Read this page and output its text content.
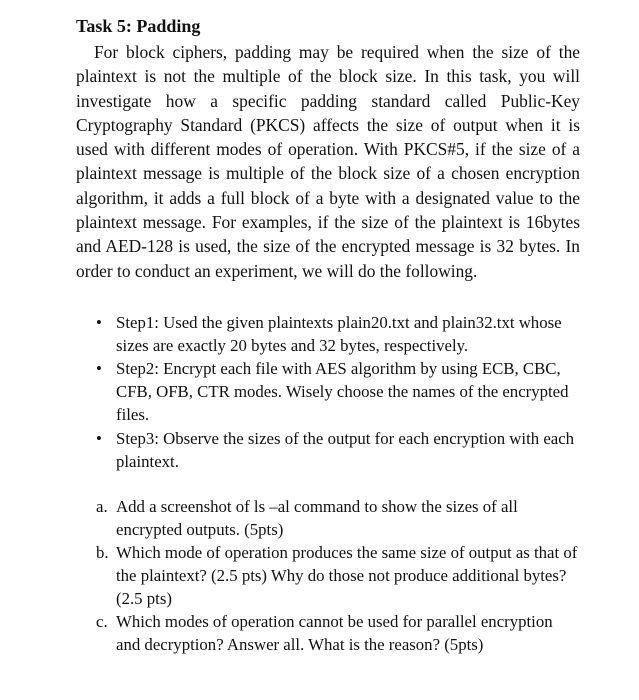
Task 5: Padding

For block ciphers, padding may be required when the size of the plaintext is not the multiple of the block size. In this task, you will investigate how a specific padding standard called Public-Key Cryptography Standard (PKCS) affects the size of output when it is used with different modes of operation. With PKCS#5, if the size of a plaintext message is multiple of the block size of a chosen encryption algorithm, it adds a full block of a byte with a designated value to the plaintext message. For examples, if the size of the plaintext is 16bytes and AED-128 is used, the size of the encrypted message is 32 bytes. In order to conduct an experiment, we will do the following.

• Step1: Used the given plaintexts plain20.txt and plain32.txt whose sizes are exactly 20 bytes and 32 bytes, respectively.
• Step2: Encrypt each file with AES algorithm by using ECB, CBC, CFB, OFB, CTR modes. Wisely choose the names of the encrypted files.
• Step3: Observe the sizes of the output for each encryption with each plaintext.
a. Add a screenshot of ls –al command to show the sizes of all encrypted outputs. (5pts)
b. Which mode of operation produces the same size of output as that of the plaintext? (2.5 pts) Why do those not produce additional bytes? (2.5 pts)
c. Which modes of operation cannot be used for parallel encryption and decryption? Answer all. What is the reason? (5pts)
